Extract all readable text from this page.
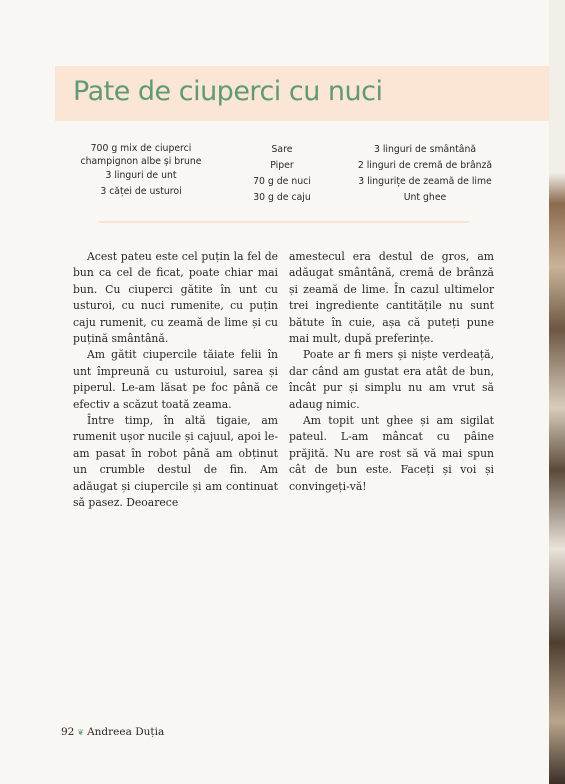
Pate de ciuperci cu nuci
700 g mix de ciuperci champignon albe și brune
3 linguri de unt
3 căței de usturoi
Sare
Piper
70 g de nuci
30 g de caju
3 linguri de smântână
2 linguri de cremă de brânză
3 lingurițe de zeamă de lime
Unt ghee

Acest pateu este cel puțin la fel de bun ca cel de ficat, poate chiar mai bun. Cu ciuperci gătite în unt cu usturoi, cu nuci rumenite, cu puțin caju rumenit, cu zeamă de lime și cu puțină smântână.

Am gătit ciupercile tăiate felii în unt împreună cu usturoiul, sarea și piperul. Le-am lăsat pe foc până ce efectiv a scăzut toată zeama.

Între timp, în altă tigaie, am rumenit ușor nucile și cajuul, apoi le-am pasat în robot până am obținut un crumble destul de fin. Am adăugat și ciupercile și am continuat să pasez. Deoarece

amestecul era destul de gros, am adăugat smântână, cremă de brânză și zeamă de lime. În cazul ultimelor trei ingrediente cantitățile nu sunt bătute în cuie, așa că puteți pune mai mult, după preferințe.

Poate ar fi mers și niște verdeață, dar când am gustat era atât de bun, încât pur și simplu nu am vrut să adaug nimic.

Am topit unt ghee și am sigilat pateul. L-am mâncat cu pâine prăjită. Nu are rost să vă mai spun cât de bun este. Faceți și voi și convingeți-vă!

92 ❦ Andreea Duția
